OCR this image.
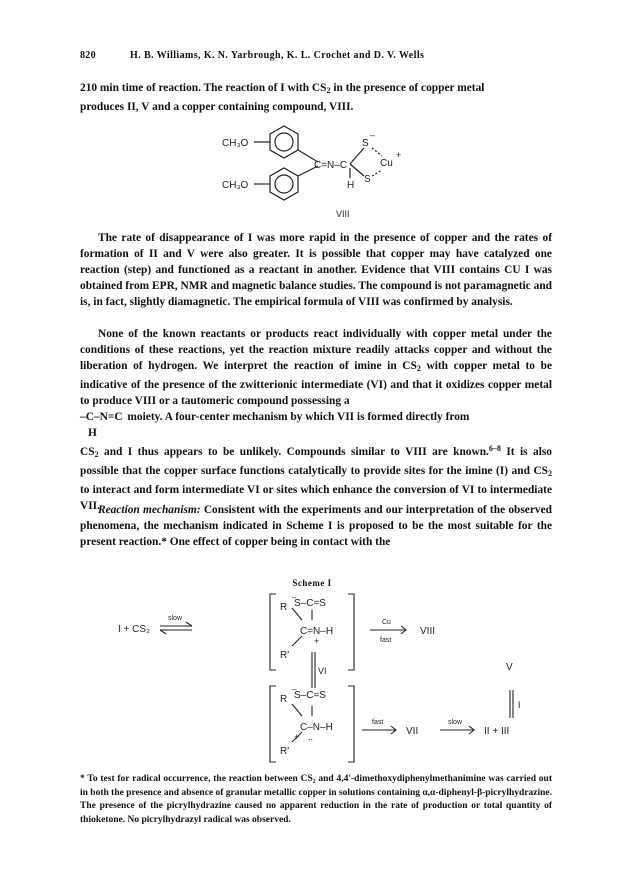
820	H. B. Williams, K. N. Yarbrough, K. L. Crochet and D. V. Wells

210 min time of reaction. The reaction of I with $CS_2$ in the presence of copper metal

produces II, V and a copper containing compound, VIII.

CH₃O
CH₃O
C=N–C
H
S
–
S
Cu
+
VIII
The rate of disappearance of I was more rapid in the presence of copper and the rates of formation of II and V were also greater. It is possible that copper may have catalyzed one reaction (step) and functioned as a reactant in another. Evidence that VIII contains CU I was obtained from EPR, NMR and magnetic balance studies. The compound is not paramagnetic and is, in fact, slightly diamagnetic. The empirical formula of VIII was confirmed by analysis.

None of the known reactants or products react individually with copper metal under the conditions of these reactions, yet the reaction mixture readily attacks copper and without the liberation of hydrogen. We interpret the reaction of imine in $CS_2$ with copper metal to be indicative of the presence of the zwitterionic intermediate (VI) and that it oxidizes copper metal to produce VIII or a tautomeric compound possessing a

–C–N=C moiety. A four-center mechanism by which VII is formed directly from
H

$CS_2$ and I thus appears to be unlikely. Compounds similar to VIII are known.$^{6-8}$ It is also possible that the copper surface functions catalytically to provide sites for the imine (I) and $CS_2$ to interact and form intermediate VI or sites which enhance the conversion of VI to intermediate VII.

Reaction mechanism: Consistent with the experiments and our interpretation of the observed phenomena, the mechanism indicated in Scheme I is proposed to be the most suitable for the present reaction.* One effect of copper being in contact with the
Scheme I
I + CS₂
slow
R S–C=S
C=N–H
+
R'
–
Cu
fast
VIII
VI	V
I
R S–C=S
–
C–N–H
+ ..
R'
fast
VII
slow
II + III
* To test for radical occurrence, the reaction between CS₂ and 4,4'-dimethoxydiphenylmethanimine was carried out in both the presence and absence of granular metallic copper in solutions containing α,α-diphenyl-β-picrylhydrazine. The presence of the picrylhydrazine caused no apparent reduction in the rate of production or total quantity of thioketone. No picrylhydrazyl radical was observed.
